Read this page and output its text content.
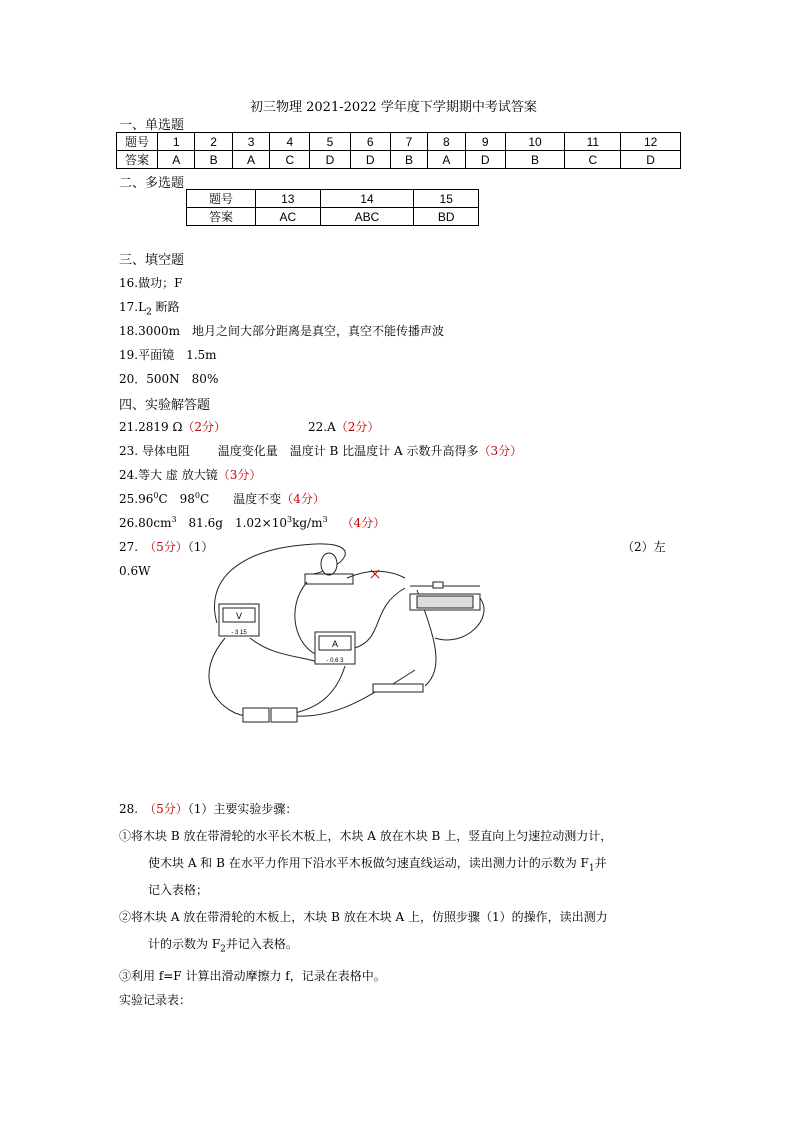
初三物理 2021-2022 学年度下学期期中考试答案
一、单选题
题号	1	2	3	4	5	6	7	8	9	10	11	12
答案	A	B	A	C	D	D	B	A	D	B	C	D
二、多选题
题号	13	14	15
答案	AC	ABC	BD
三、填空题
16.做功；F
$17.L_2$ 断路
18.3000m　地月之间大部分距离是真空，真空不能传播声波
19.平面镜　1.5m
20．500N　80%
四、实验解答题
21.2819 Ω（2分）	22.A（2分）
23. 导体电阻　　 温度变化量　温度计 B 比温度计 A 示数升高得多（3分）
24.等大 虚 放大镜（3分）
25.96$^0$C　$98^0C$　　温度不变（4分）
$26.80cm^3$　81.6g　$1.02\times 10^3kg/m^3$ （4分）
27. （5分）（1）	（2）左
0.6W
V
- 3 15
A
- 0.6 3
28. （5分）（1）主要实验步骤：
①将木块 B 放在带滑轮的水平长木板上，木块 A 放在木块 B 上，竖直向上匀速拉动测力计，
使木块 A 和 B 在水平力作用下沿水平木板做匀速直线运动，读出测力计的示数为 $F_1$并
记入表格；
②将木块 A 放在带滑轮的木板上，木块 B 放在木块 A 上，仿照步骤（1）的操作，读出测力
计的示数为 $F_2$并记入表格。
③利用 f=F 计算出滑动摩擦力 f，记录在表格中。
实验记录表：
